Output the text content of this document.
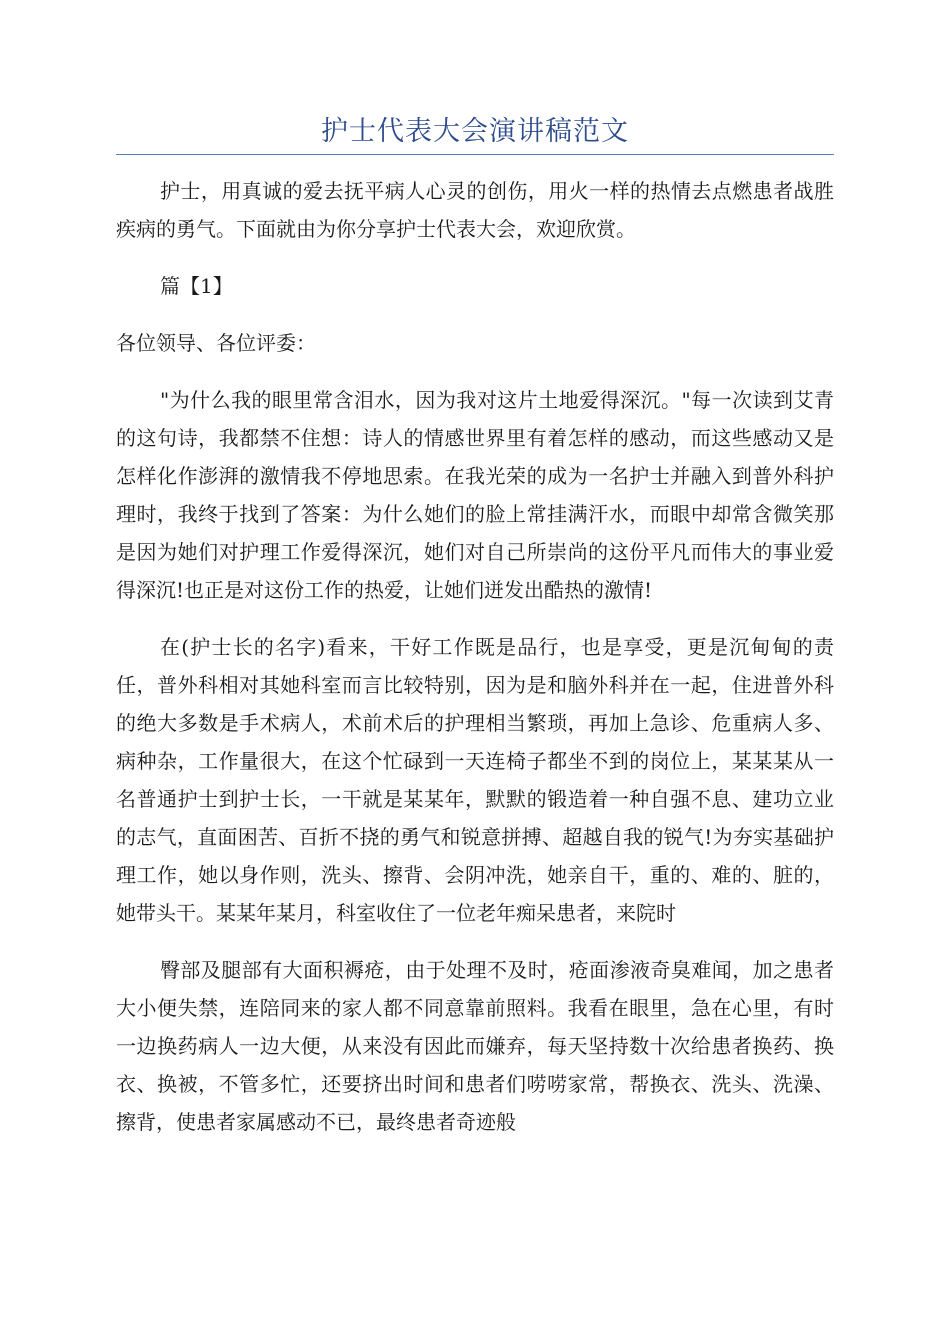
护士代表大会演讲稿范文

护士，用真诚的爱去抚平病人心灵的创伤，用火一样的热情去点燃患者战胜疾病的勇气。下面就由为你分享护士代表大会，欢迎欣赏。

篇【1】

各位领导、各位评委：

"为什么我的眼里常含泪水，因为我对这片土地爱得深沉。"每一次读到艾青的这句诗，我都禁不住想：诗人的情感世界里有着怎样的感动，而这些感动又是怎样化作澎湃的激情我不停地思索。在我光荣的成为一名护士并融入到普外科护理时，我终于找到了答案：为什么她们的脸上常挂满汗水，而眼中却常含微笑那是因为她们对护理工作爱得深沉，她们对自己所崇尚的这份平凡而伟大的事业爱得深沉!也正是对这份工作的热爱，让她们迸发出酷热的激情!

在(护士长的名字)看来，干好工作既是品行，也是享受，更是沉甸甸的责任，普外科相对其她科室而言比较特别，因为是和脑外科并在一起，住进普外科的绝大多数是手术病人，术前术后的护理相当繁琐，再加上急诊、危重病人多、病种杂，工作量很大，在这个忙碌到一天连椅子都坐不到的岗位上，某某某从一名普通护士到护士长，一干就是某某年，默默的锻造着一种自强不息、建功立业的志气，直面困苦、百折不挠的勇气和锐意拼搏、超越自我的锐气!为夯实基础护理工作，她以身作则，洗头、擦背、会阴冲洗，她亲自干，重的、难的、脏的，她带头干。某某年某月，科室收住了一位老年痴呆患者，来院时

臀部及腿部有大面积褥疮，由于处理不及时，疮面渗液奇臭难闻，加之患者大小便失禁，连陪同来的家人都不同意靠前照料。我看在眼里，急在心里，有时一边换药病人一边大便，从来没有因此而嫌弃，每天坚持数十次给患者换药、换衣、换被，不管多忙，还要挤出时间和患者们唠唠家常，帮换衣、洗头、洗澡、擦背，使患者家属感动不已，最终患者奇迹般
